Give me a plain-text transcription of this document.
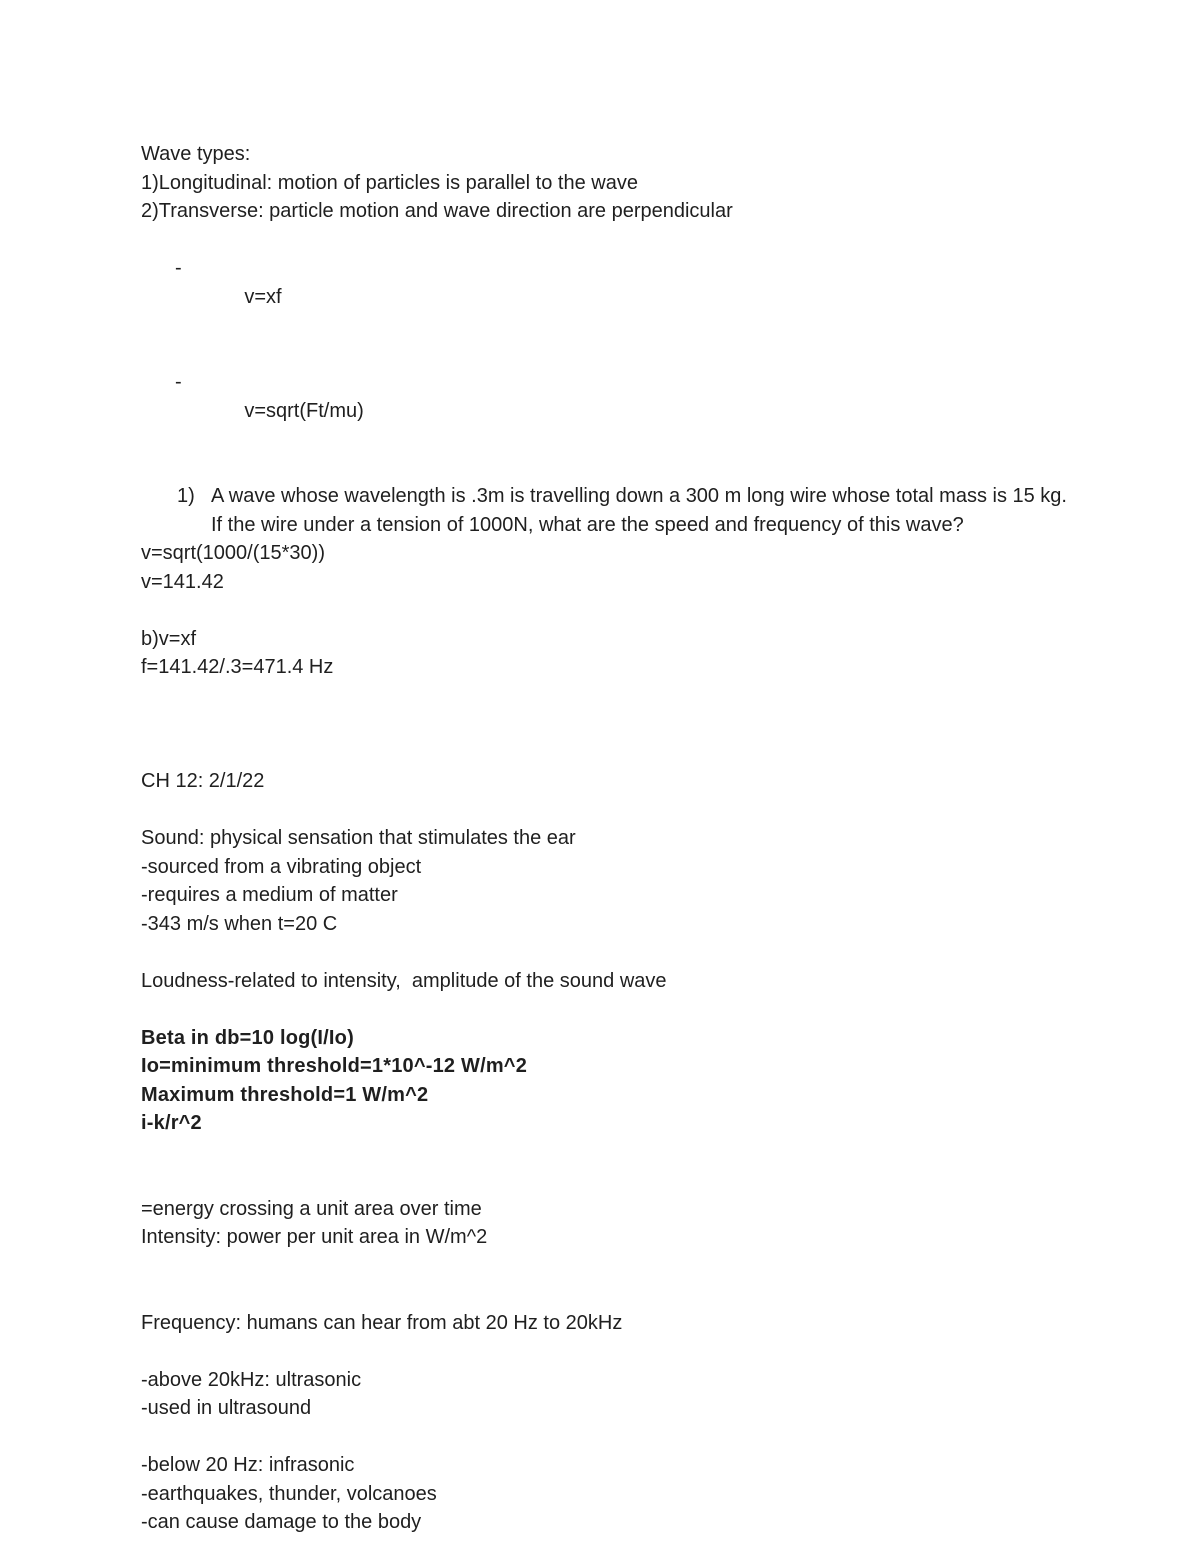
Wave types:

1)Longitudinal: motion of particles is parallel to the wave

2)Transverse: particle motion and wave direction are perpendicular

-

v=xf

-

v=sqrt(Ft/mu)

1) A wave whose wavelength is .3m is travelling down a 300 m long wire whose total mass is 15 kg. If the wire under a tension of 1000N, what are the speed and frequency of this wave?

v=sqrt(1000/(15*30))

v=141.42

b)v=xf

f=141.42/.3=471.4 Hz

CH 12: 2/1/22

Sound: physical sensation that stimulates the ear

-sourced from a vibrating object

-requires a medium of matter

-343 m/s when t=20 C

Loudness-related to intensity,  amplitude of the sound wave

Beta in db=10 log(I/Io)

Io=minimum threshold=1*10^-12 W/m^2

Maximum threshold=1 W/m^2

i-k/r^2

=energy crossing a unit area over time

Intensity: power per unit area in W/m^2

Frequency: humans can hear from abt 20 Hz to 20kHz

-above 20kHz: ultrasonic

-used in ultrasound

-below 20 Hz: infrasonic

-earthquakes, thunder, volcanoes

-can cause damage to the body
